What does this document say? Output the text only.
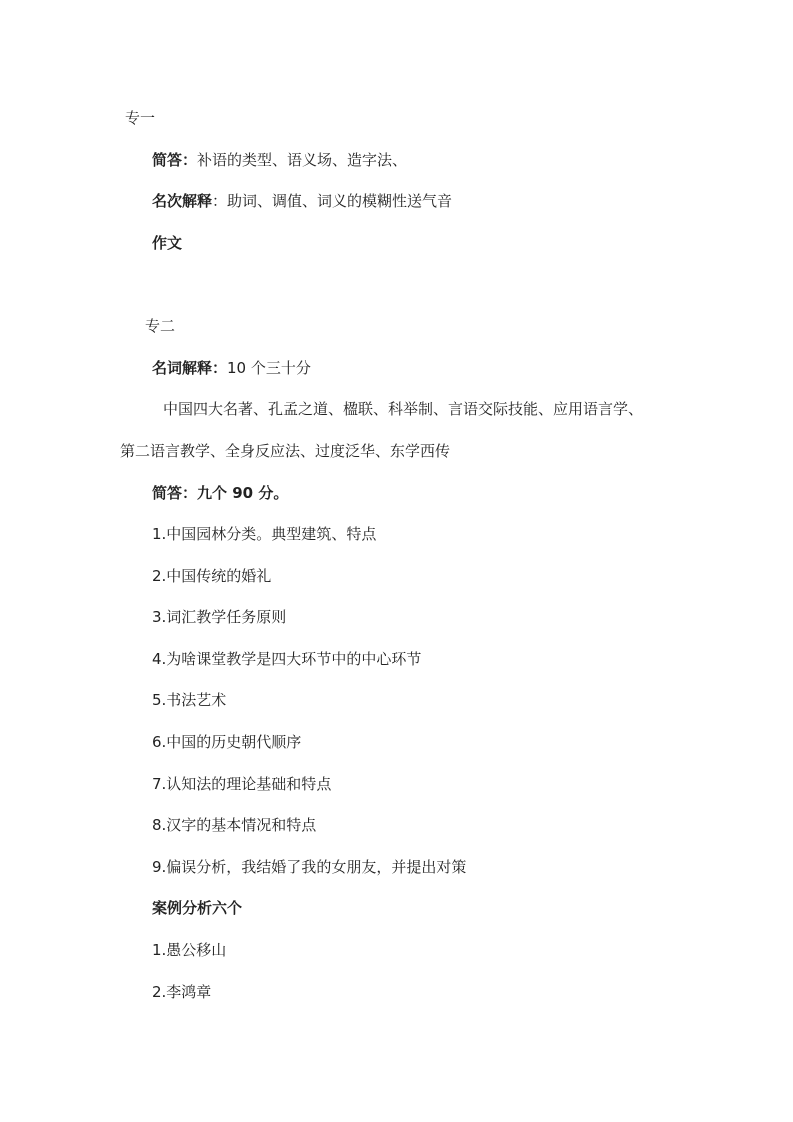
专一
简答：补语的类型、语义场、造字法、
名次解释：助词、调值、词义的模糊性送气音
作文
专二
名词解释：10 个三十分
中国四大名著、孔孟之道、楹联、科举制、言语交际技能、应用语言学、
第二语言教学、全身反应法、过度泛华、东学西传
简答：九个 90 分。
1.中国园林分类。典型建筑、特点
2.中国传统的婚礼
3.词汇教学任务原则
4.为啥课堂教学是四大环节中的中心环节
5.书法艺术
6.中国的历史朝代顺序
7.认知法的理论基础和特点
8.汉字的基本情况和特点
9.偏误分析，我结婚了我的女朋友，并提出对策
案例分析六个
1.愚公移山
2.李鸿章
